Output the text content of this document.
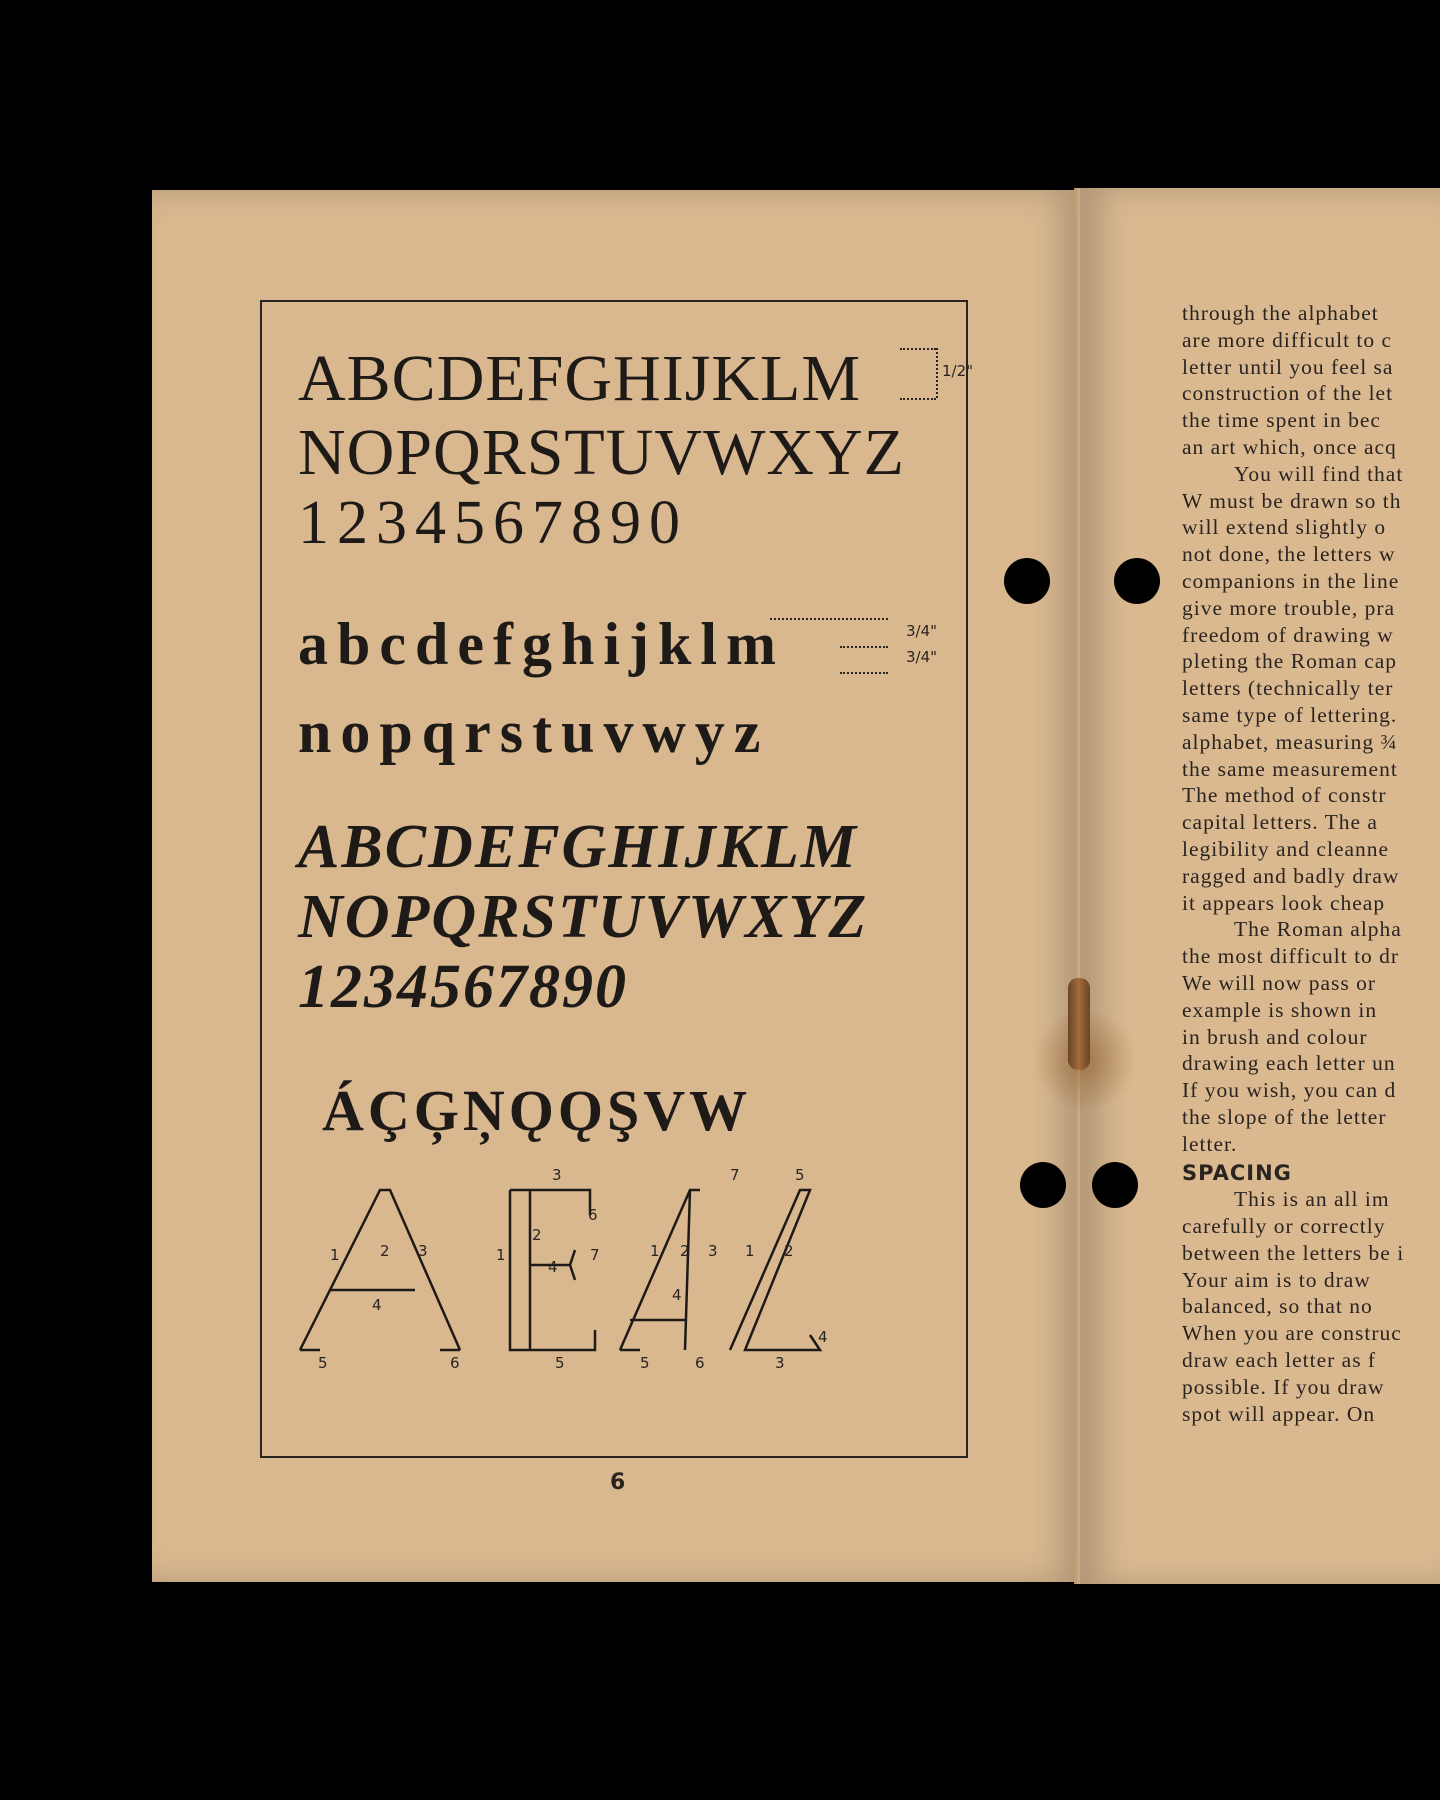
ABCDEFGHIJKLM	1/2"
NOPQRSTUVWXYZ
1234567890
abcdefghijklm	3/4"
3/4"
nopqrstuvwyz
ABCDEFGHIJKLM
NOPQRSTUVWXYZ
1234567890
ÁÇĢŅǪǪŞVW
1	2 3
4
5	6
3
1
2
4
6
7
5
1 2 3
4
5	6
7
1 2
4
5
3
6
through the alphabet
are more difficult to c
letter until you feel sa
construction of the let
the time spent in bec
an art which, once acq
You will find that
W must be drawn so th
will extend slightly o
not done, the letters w
companions in the line
give more trouble, pra
freedom of drawing w
pleting the Roman cap
letters (technically ter
same type of lettering.
alphabet, measuring ¾
the same measurement
The method of constr
capital letters. The a
legibility and cleanne
ragged and badly draw
it appears look cheap
The Roman alpha
the most difficult to dr
We will now pass or
example is shown in
in brush and colour
drawing each letter un
If you wish, you can d
the slope of the letter
letter.
SPACING
This is an all im
carefully or correctly
between the letters be i
Your aim is to draw
balanced, so that no
When you are construc
draw each letter as f
possible. If you draw
spot will appear. On
